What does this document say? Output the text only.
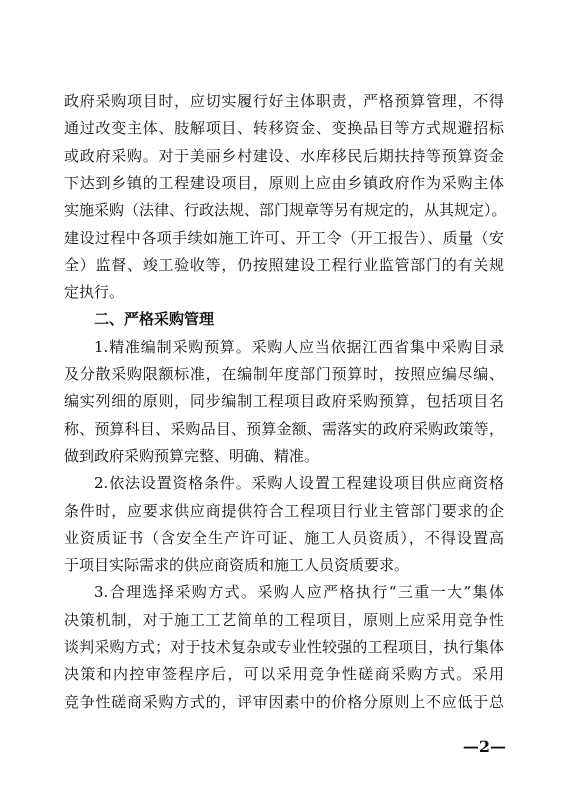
政府采购项目时，应切实履行好主体职责，严格预算管理，不得
通过改变主体、肢解项目、转移资金、变换品目等方式规避招标
或政府采购。对于美丽乡村建设、水库移民后期扶持等预算资金
下达到乡镇的工程建设项目，原则上应由乡镇政府作为采购主体
实施采购（法律、行政法规、部门规章等另有规定的，从其规定）。
建设过程中各项手续如施工许可、开工令（开工报告）、质量（安
全）监督、竣工验收等，仍按照建设工程行业监管部门的有关规
定执行。
二、严格采购管理
1.精准编制采购预算。采购人应当依据江西省集中采购目录
及分散采购限额标准，在编制年度部门预算时，按照应编尽编、
编实列细的原则，同步编制工程项目政府采购预算，包括项目名
称、预算科目、采购品目、预算金额、需落实的政府采购政策等，
做到政府采购预算完整、明确、精准。
2.依法设置资格条件。采购人设置工程建设项目供应商资格
条件时，应要求供应商提供符合工程项目行业主管部门要求的企
业资质证书（含安全生产许可证、施工人员资质），不得设置高
于项目实际需求的供应商资质和施工人员资质要求。
3.合理选择采购方式。采购人应严格执行“三重一大”集体
决策机制，对于施工工艺简单的工程项目，原则上应采用竞争性
谈判采购方式；对于技术复杂或专业性较强的工程项目，执行集体
决策和内控审签程序后，可以采用竞争性磋商采购方式。采用
竞争性磋商采购方式的，评审因素中的价格分原则上不应低于总
—2—
